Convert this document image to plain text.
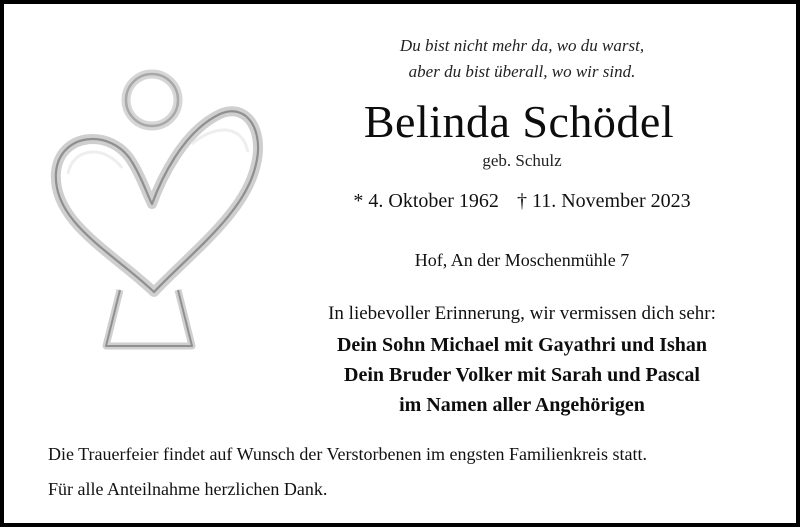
Du bist nicht mehr da, wo du warst,
aber du bist überall, wo wir sind.
Belinda Schödel
geb. Schulz
* 4. Oktober 1962 † 11. November 2023
Hof, An der Moschenmühle 7
In liebevoller Erinnerung, wir vermissen dich sehr:
Dein Sohn Michael mit Gayathri und Ishan
Dein Bruder Volker mit Sarah und Pascal
im Namen aller Angehörigen
Die Trauerfeier findet auf Wunsch der Verstorbenen im engsten Familienkreis statt.
Für alle Anteilnahme herzlichen Dank.
